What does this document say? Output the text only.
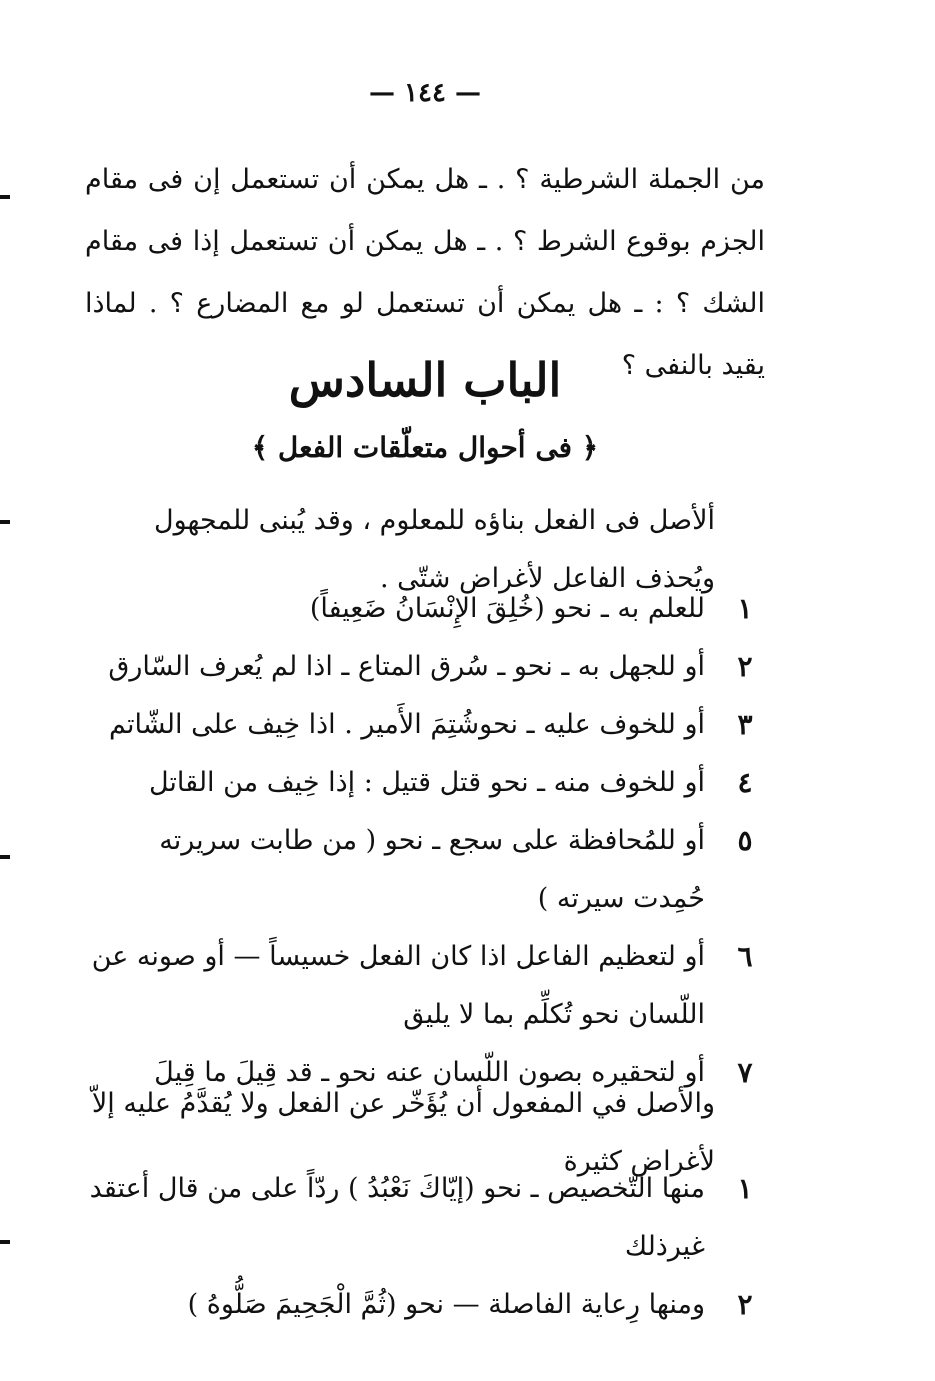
— ١٤٤ —

من الجملة الشرطية ؟ . ـ هل يمكن أن تستعمل إن فى مقام الجزم بوقوع الشرط ؟ . ـ هل يمكن أن تستعمل إذا فى مقام الشك ؟ : ـ هل يمكن أن تستعمل لو مع المضارع ؟ . لماذا يقيد بالنفى ؟

الباب السادس
﴿ فى أحوال متعلّقات الفعل ﴾

ألأصل فى الفعل بناؤه للمعلوم ، وقد يُبنى للمجهول ويُحذف الفاعل لأغراض شتّى .

١
للعلم به ـ نحو (خُلِقَ الإِنْسَانُ ضَعِيفاً)
٢
أو للجهل به ـ نحو ـ سُرق المتاع ـ اذا لم يُعرف السّارق
٣
أو للخوف عليه ـ نحوشُتِمَ الأَمير . اذا خِيف على الشّاتم
٤
أو للخوف منه ـ نحو قتل قتيل : إذا خِيف من القاتل
٥
أو للمُحافظة على سجع ـ نحو ( من طابت سريرته حُمِدت سيرته )
٦
أو لتعظيم الفاعل اذا كان الفعل خسيساً — أو صونه عن اللّسان نحو تُكلِّم بما لا يليق
٧
أو لتحقيره بصون اللّسان عنه نحو ـ قد قِيلَ ما قِيلَ

والأصل في المفعول أن يُؤَخّر عن الفعل ولا يُقدَّمُ عليه إلاّ لأغراض كثيرة

١
منها التّخصيص ـ نحو (إيّاكَ نَعْبُدُ ) ردّاً على من قال أعتقد غيرذلك
٢
ومنها رِعاية الفاصلة — نحو (ثُمَّ الْجَحِيمَ صَلُّوهُ )
